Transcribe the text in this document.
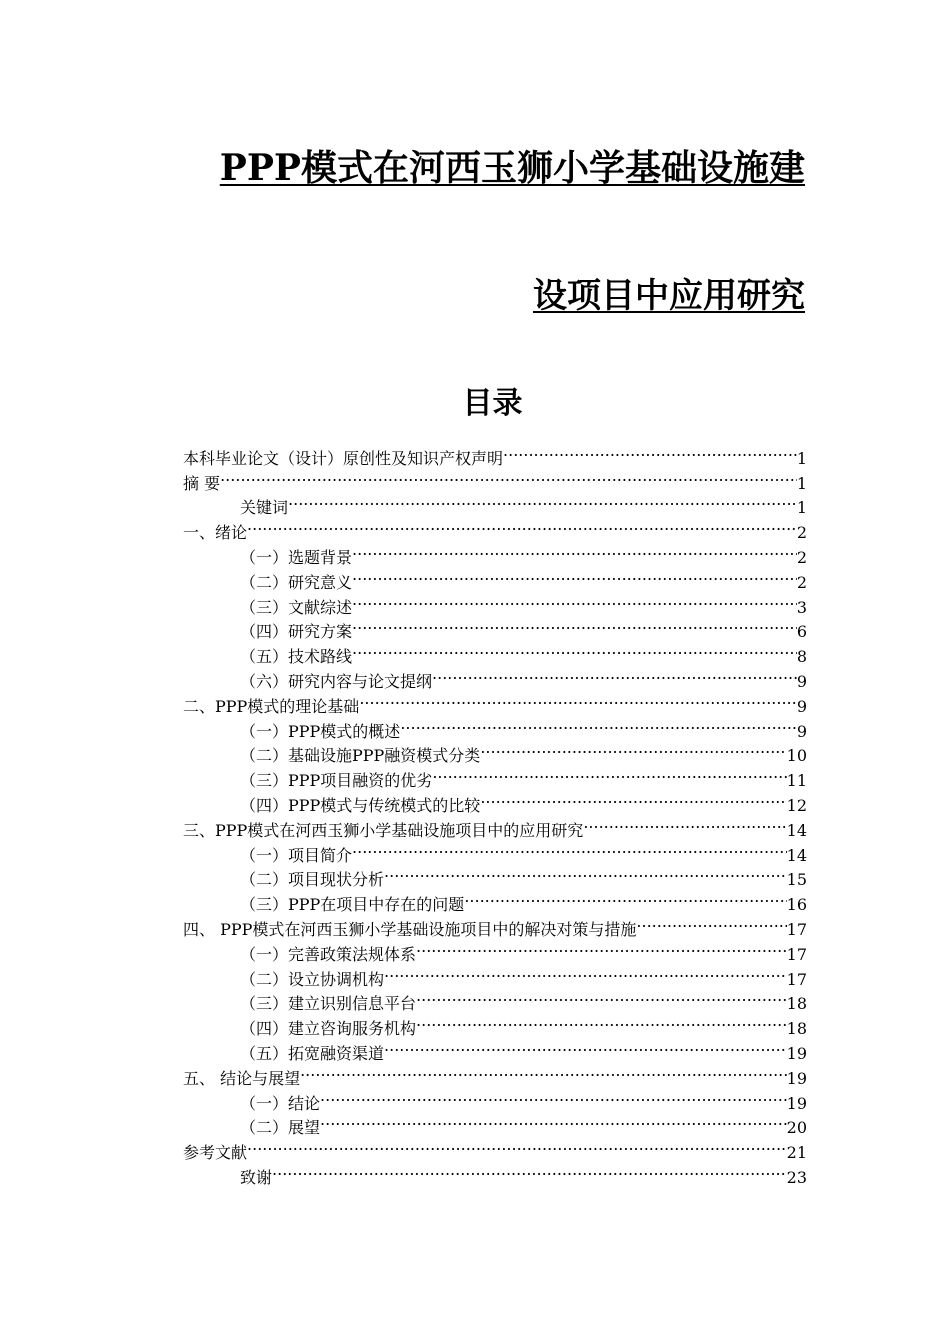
PPP模式在河西玉狮小学基础设施建
设项目中应用研究
目录
本科毕业论文（设计）原创性及知识产权声明 .....	1
摘 要 .....	1
关键词 .....	1
一、绪论 .....	2
（一）选题背景 .....	2
（二）研究意义 .....	2
（三）文献综述 .....	3
（四）研究方案 .....	6
（五）技术路线 .....	8
（六）研究内容与论文提纲 .....	9
二、PPP模式的理论基础 .....	9
（一）PPP模式的概述 .....	9
（二）基础设施PPP融资模式分类 .....	10
（三）PPP项目融资的优劣 .....	11
（四）PPP模式与传统模式的比较 .....	12
三、PPP模式在河西玉狮小学基础设施项目中的应用研究 .....	14
（一）项目简介 .....	14
（二）项目现状分析 .....	15
（三）PPP在项目中存在的问题 .....	16
四、 PPP模式在河西玉狮小学基础设施项目中的解决对策与措施 .....	17
（一）完善政策法规体系 .....	17
（二）设立协调机构 .....	17
（三）建立识别信息平台 .....	18
（四）建立咨询服务机构 .....	18
（五）拓宽融资渠道 .....	19
五、 结论与展望 .....	19
（一）结论 .....	19
（二）展望 .....	20
参考文献 .....	21
致谢 .....	23
